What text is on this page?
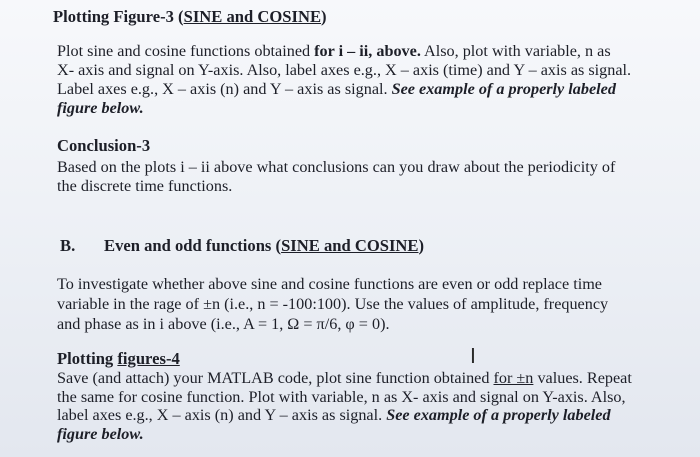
Plotting Figure-3 (SINE and COSINE)
Plot sine and cosine functions obtained for i – ii, above. Also, plot with variable, n as
X- axis and signal on Y-axis. Also, label axes e.g., X – axis (time) and Y – axis as signal.
Label axes e.g., X – axis (n) and Y – axis as signal. See example of a properly labeled
figure below.
Conclusion-3
Based on the plots i – ii above what conclusions can you draw about the periodicity of
the discrete time functions.
B. Even and odd functions (SINE and COSINE)
To investigate whether above sine and cosine functions are even or odd replace time
variable in the rage of ±n (i.e., n = -100:100). Use the values of amplitude, frequency
and phase as in i above (i.e., A = 1, Ω = π/6, φ = 0).
Plotting figures-4
Save (and attach) your MATLAB code, plot sine function obtained for ±n values. Repeat
the same for cosine function. Plot with variable, n as X- axis and signal on Y-axis. Also,
label axes e.g., X – axis (n) and Y – axis as signal. See example of a properly labeled
figure below.
I
